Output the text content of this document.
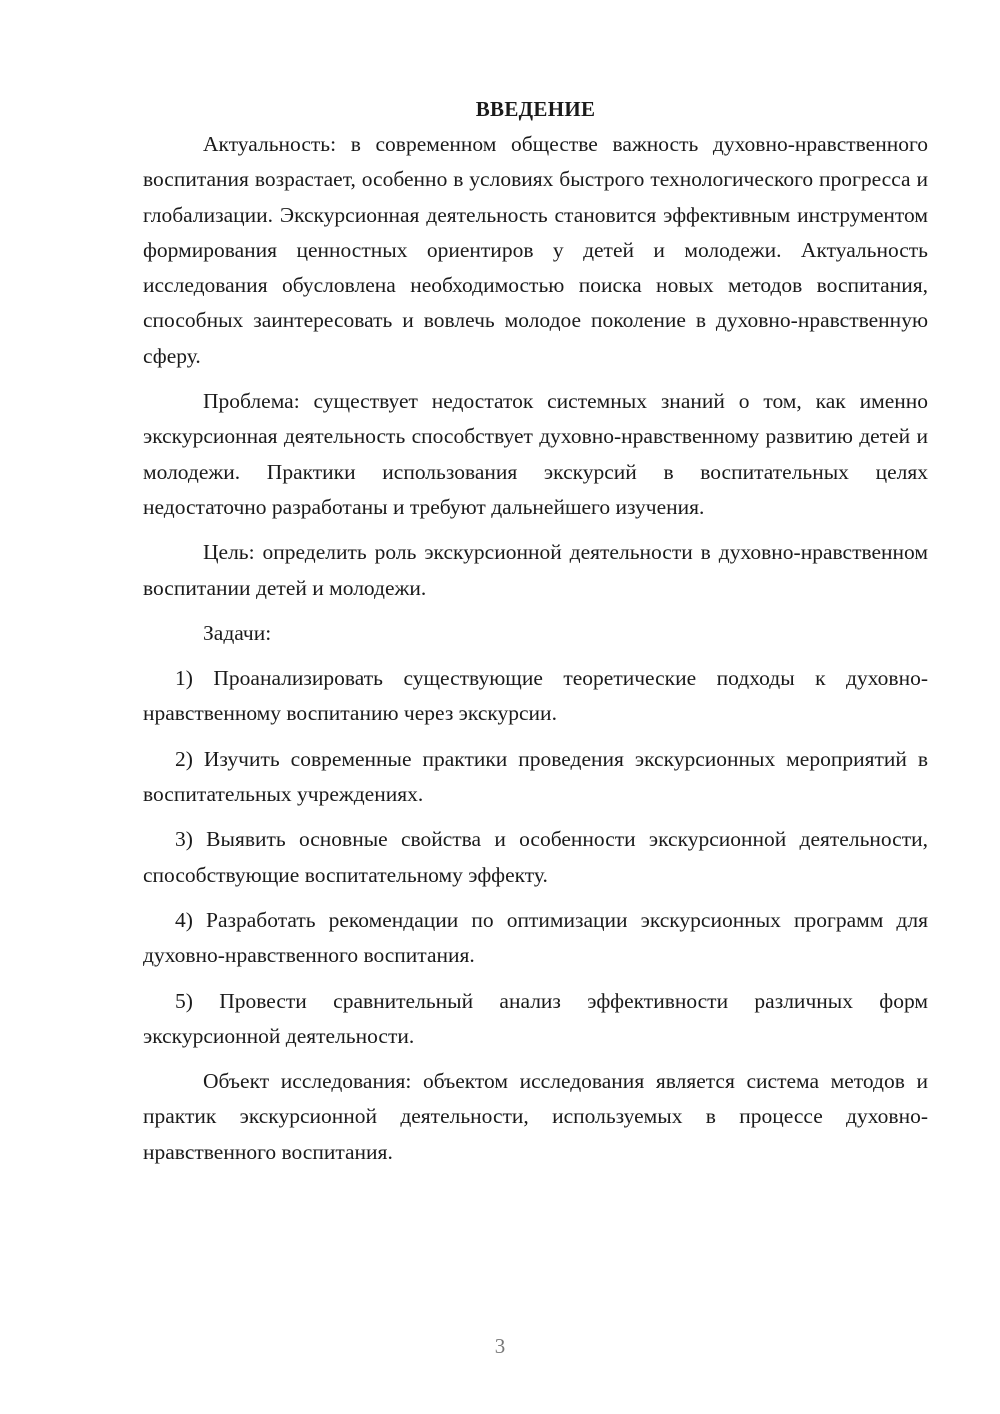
ВВЕДЕНИЕ

Актуальность: в современном обществе важность духовно-нравственного воспитания возрастает, особенно в условиях быстрого технологического прогресса и глобализации. Экскурсионная деятельность становится эффективным инструментом формирования ценностных ориентиров у детей и молодежи. Актуальность исследования обусловлена необходимостью поиска новых методов воспитания, способных заинтересовать и вовлечь молодое поколение в духовно-нравственную сферу.

Проблема: существует недостаток системных знаний о том, как именно экскурсионная деятельность способствует духовно-нравственному развитию детей и молодежи. Практики использования экскурсий в воспитательных целях недостаточно разработаны и требуют дальнейшего изучения.

Цель: определить роль экскурсионной деятельности в духовно-нравственном воспитании детей и молодежи.

Задачи:

1) Проанализировать существующие теоретические подходы к духовно-нравственному воспитанию через экскурсии.

2) Изучить современные практики проведения экскурсионных мероприятий в воспитательных учреждениях.

3) Выявить основные свойства и особенности экскурсионной деятельности, способствующие воспитательному эффекту.

4) Разработать рекомендации по оптимизации экскурсионных программ для духовно-нравственного воспитания.

5) Провести сравнительный анализ эффективности различных форм экскурсионной деятельности.

Объект исследования: объектом исследования является система методов и практик экскурсионной деятельности, используемых в процессе духовно-нравственного воспитания.

3
